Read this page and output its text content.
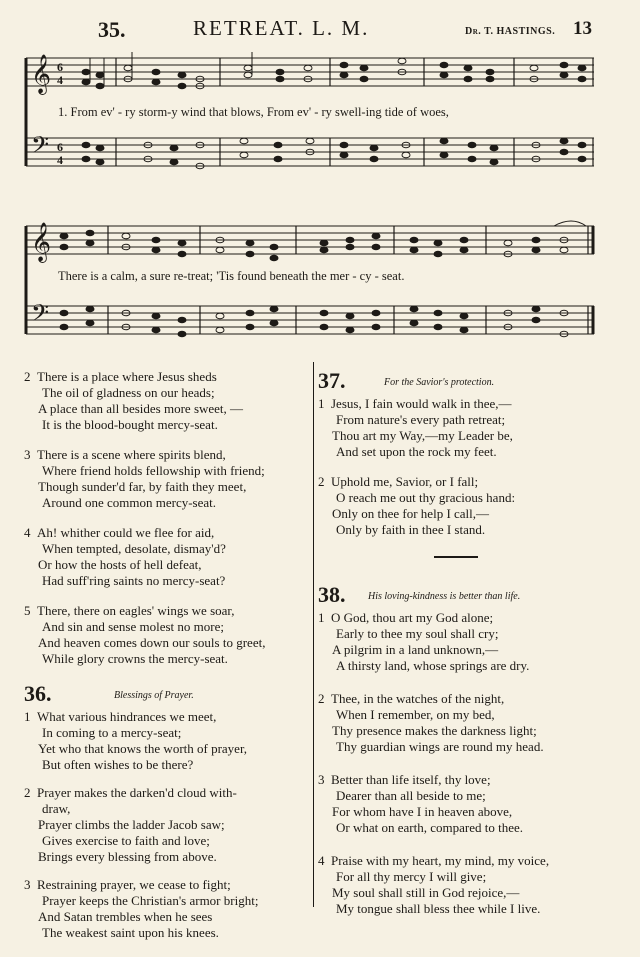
35.	RETREAT. L. M.	Dr. T. HASTINGS. 13
𝄞
𝄢
6
4
6
4
1. From ev' - ry storm-y wind that blows, From ev' - ry swell-ing tide of woes,
𝄞
𝄢
There is a calm, a sure re-treat; 'Tis found beneath the mer - cy - seat.
2 There is a place where Jesus sheds
The oil of gladness on our heads;
A place than all besides more sweet, —
It is the blood-bought mercy-seat.
3 There is a scene where spirits blend,
Where friend holds fellowship with friend;
Though sunder'd far, by faith they meet,
Around one common mercy-seat.
4 Ah! whither could we flee for aid,
When tempted, desolate, dismay'd?
Or how the hosts of hell defeat,
Had suff'ring saints no mercy-seat?
5 There, there on eagles' wings we soar,
And sin and sense molest no more;
And heaven comes down our souls to greet,
While glory crowns the mercy-seat.
36.	Blessings of Prayer.
1 What various hindrances we meet,
In coming to a mercy-seat;
Yet who that knows the worth of prayer,
But often wishes to be there?
2 Prayer makes the darken'd cloud with-
draw,
Prayer climbs the ladder Jacob saw;
Gives exercise to faith and love;
Brings every blessing from above.
3 Restraining prayer, we cease to fight;
Prayer keeps the Christian's armor bright;
And Satan trembles when he sees
The weakest saint upon his knees.
37.	For the Savior's protection.
1 Jesus, I fain would walk in thee,—
From nature's every path retreat;
Thou art my Way,—my Leader be,
And set upon the rock my feet.
2 Uphold me, Savior, or I fall;
O reach me out thy gracious hand:
Only on thee for help I call,—
Only by faith in thee I stand.
38. His loving-kindness is better than life.
1 O God, thou art my God alone;
Early to thee my soul shall cry;
A pilgrim in a land unknown,—
A thirsty land, whose springs are dry.
2 Thee, in the watches of the night,
When I remember, on my bed,
Thy presence makes the darkness light;
Thy guardian wings are round my head.
3 Better than life itself, thy love;
Dearer than all beside to me;
For whom have I in heaven above,
Or what on earth, compared to thee.
4 Praise with my heart, my mind, my voice,
For all thy mercy I will give;
My soul shall still in God rejoice,—
My tongue shall bless thee while I live.
